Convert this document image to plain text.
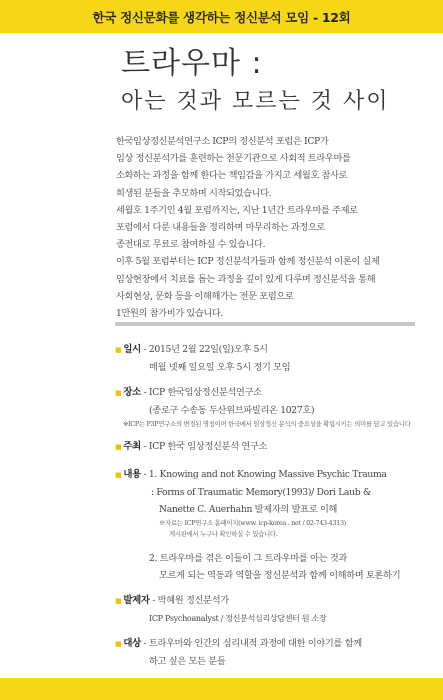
한국 정신문화를 생각하는 정신분석 모임 - 12회
트라우마 :
아는 것과 모르는 것 사이

한국임상정신분석연구소 ICP의 정신분석 포럼은 ICP가

임상 정신분석가를 훈련하는 전문기관으로 사회적 트라우마를

소화하는 과정을 함께 한다는 책임감을 가지고 세월호 참사로

희생된 분들을 추모하며 시작되었습니다.

세월호 1주기인 4월 포럼까지는, 지난 1년간 트라우마를 주제로

포럼에서 다룬 내용들을 정리하며 마무리하는 과정으로

종전대로 무료로 참여하실 수 있습니다.

이후 5월 포럼부터는 ICP 정신분석가들과 함께 정신분석 이론이 실제

임상현장에서 치료를 돕는 과정을 깊이 있게 다루며 정신분석을 통해

사회현상, 문화 등을 이해해가는 전문 포럼으로

1만원의 참가비가 있습니다.

■ 일시 - 2015년 2월 22일(일)오후 5시
매월 넷째 일요일 오후 5시 정기 모임
■ 장소 - ICP 한국임상정신분석연구소
(종로구 수송동 두산위브파빌리온 1027호)
※ICP는 P3P연구소의 변경된 명칭이며 한국에서 임상정신 분석의 중요성을 확립시키는 의미를 담고 있습니다
■ 주최 - ICP 한국 임상정신분석 연구소
■ 내용 - 1. Knowing and not Knowing Massive Psychic Trauma
: Forms of Traumatic Memory(1993)/ Dori Laub &
Nanette C. Auerhahn 발제자의 발표로 이해
※자료는 ICP연구소 홈페이지(www. icp-korea . net / 02-743-4313)
게시판에서 누구나 확인하실 수 있습니다.
2. 트라우마를 겪은 이들이 그 트라우마를 아는 것과
모르게 되는 역동과 역할을 정신분석과 함께 이해하며 토론하기
■ 발제자 - 박혜원 정신분석가
ICP Psychoanalyst / 정신분석심리상담센터 원 소장
■ 대상 - 트라우마와 인간의 심리내적 과정에 대한 이야기를 함께
하고 싶은 모든 분들
